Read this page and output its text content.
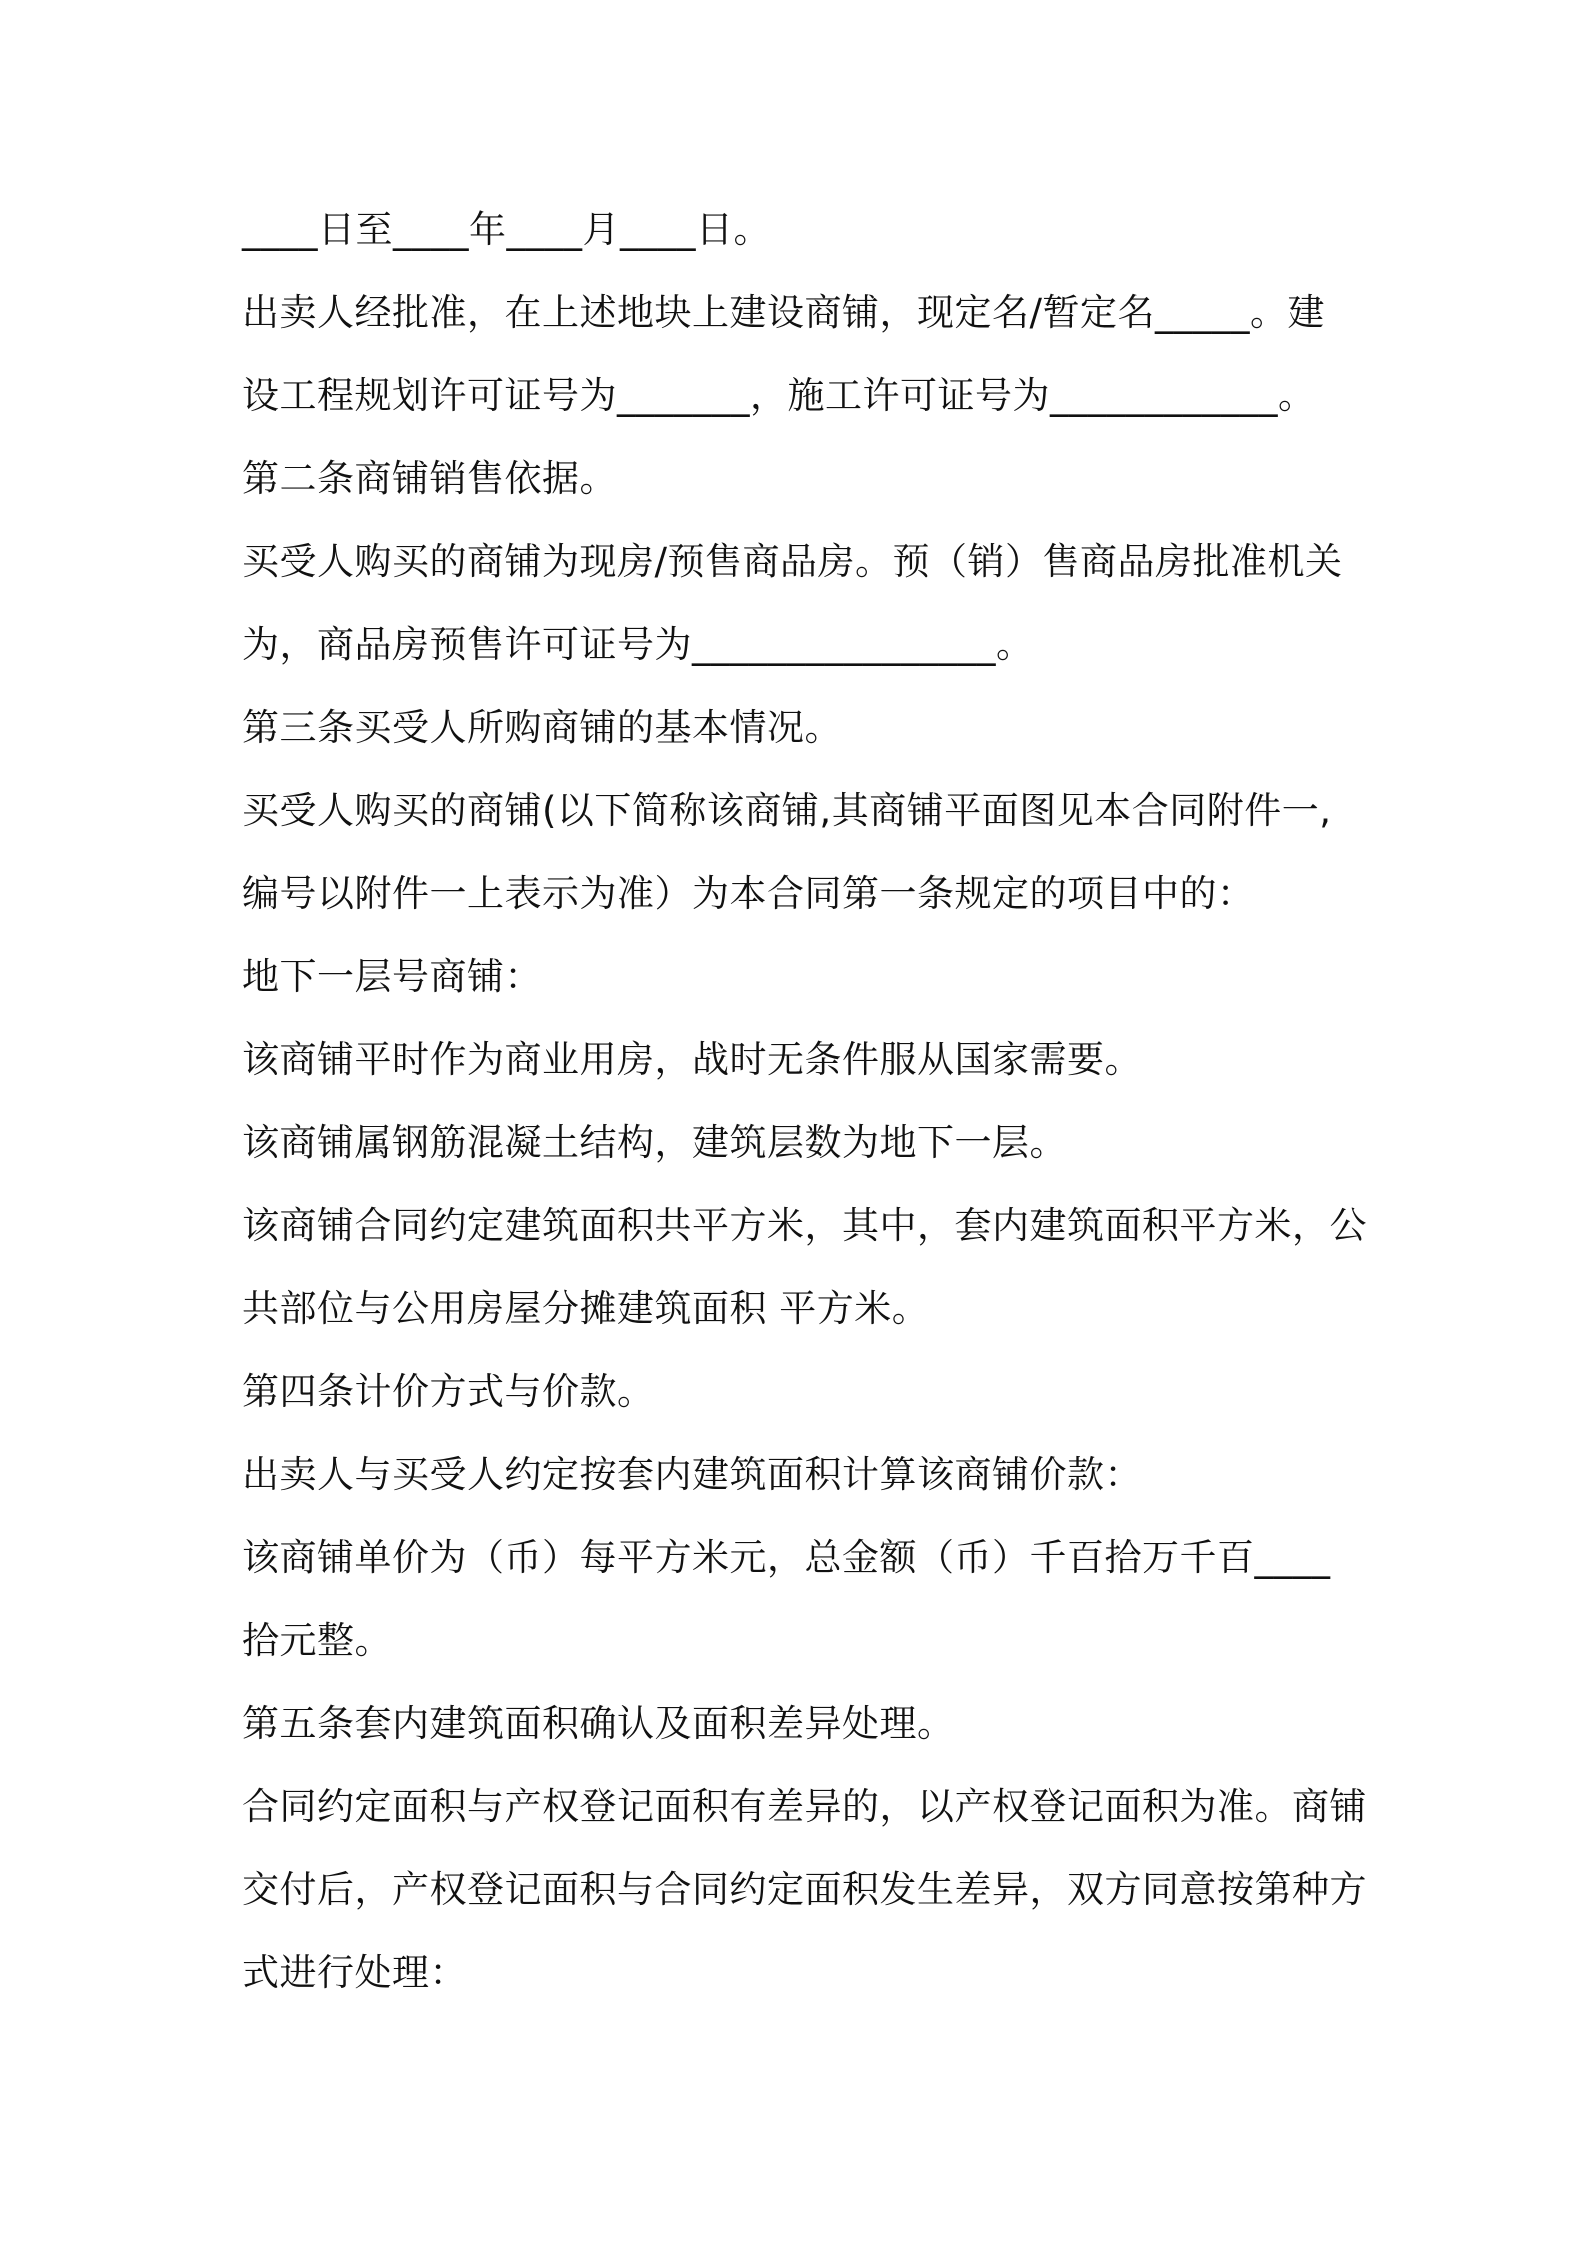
____日至____年____月____日。
出卖人经批准，在上述地块上建设商铺，现定名/暂定名_____。建
设工程规划许可证号为_______，施工许可证号为____________。
第二条商铺销售依据。
买受人购买的商铺为现房/预售商品房。预（销）售商品房批准机关
为，商品房预售许可证号为________________。
第三条买受人所购商铺的基本情况。
买受人购买的商铺(以下简称该商铺,其商铺平面图见本合同附件一,
编号以附件一上表示为准）为本合同第一条规定的项目中的：
地下一层号商铺：
该商铺平时作为商业用房，战时无条件服从国家需要。
该商铺属钢筋混凝土结构，建筑层数为地下一层。
该商铺合同约定建筑面积共平方米，其中，套内建筑面积平方米，公
共部位与公用房屋分摊建筑面积 平方米。
第四条计价方式与价款。
出卖人与买受人约定按套内建筑面积计算该商铺价款：
该商铺单价为（币）每平方米元，总金额（币）千百拾万千百____
拾元整。
第五条套内建筑面积确认及面积差异处理。
合同约定面积与产权登记面积有差异的，以产权登记面积为准。商铺
交付后，产权登记面积与合同约定面积发生差异，双方同意按第种方
式进行处理：
